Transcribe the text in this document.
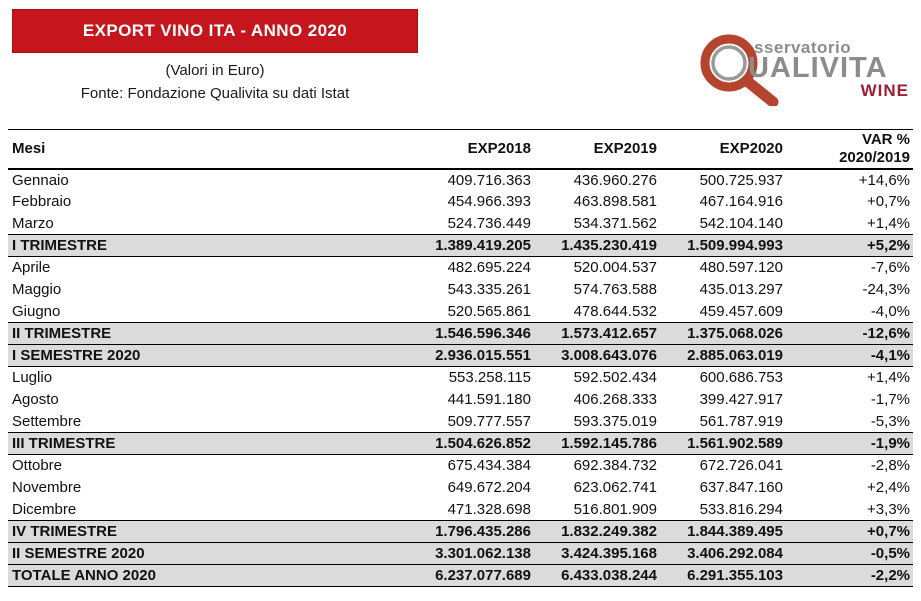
EXPORT VINO ITA - ANNO 2020
(Valori in Euro)
Fonte: Fondazione Qualivita su dati Istat
sservatorio
UALIVITA
WINE
Mesi	EXP2018	EXP2019	EXP2020	VAR %
2020/2019

Gennaio	409.716.363	436.960.276	500.725.937	+14,6%
Febbraio	454.966.393	463.898.581	467.164.916	+0,7%
Marzo	524.736.449	534.371.562	542.104.140	+1,4%
I TRIMESTRE	1.389.419.205	1.435.230.419	1.509.994.993	+5,2%
Aprile	482.695.224	520.004.537	480.597.120	-7,6%
Maggio	543.335.261	574.763.588	435.013.297	-24,3%
Giugno	520.565.861	478.644.532	459.457.609	-4,0%
II TRIMESTRE	1.546.596.346	1.573.412.657	1.375.068.026	-12,6%
I SEMESTRE 2020	2.936.015.551	3.008.643.076	2.885.063.019	-4,1%
Luglio	553.258.115	592.502.434	600.686.753	+1,4%
Agosto	441.591.180	406.268.333	399.427.917	-1,7%
Settembre	509.777.557	593.375.019	561.787.919	-5,3%
III TRIMESTRE	1.504.626.852	1.592.145.786	1.561.902.589	-1,9%
Ottobre	675.434.384	692.384.732	672.726.041	-2,8%
Novembre	649.672.204	623.062.741	637.847.160	+2,4%
Dicembre	471.328.698	516.801.909	533.816.294	+3,3%
IV TRIMESTRE	1.796.435.286	1.832.249.382	1.844.389.495	+0,7%
II SEMESTRE 2020	3.301.062.138	3.424.395.168	3.406.292.084	-0,5%
TOTALE ANNO 2020	6.237.077.689	6.433.038.244	6.291.355.103	-2,2%
